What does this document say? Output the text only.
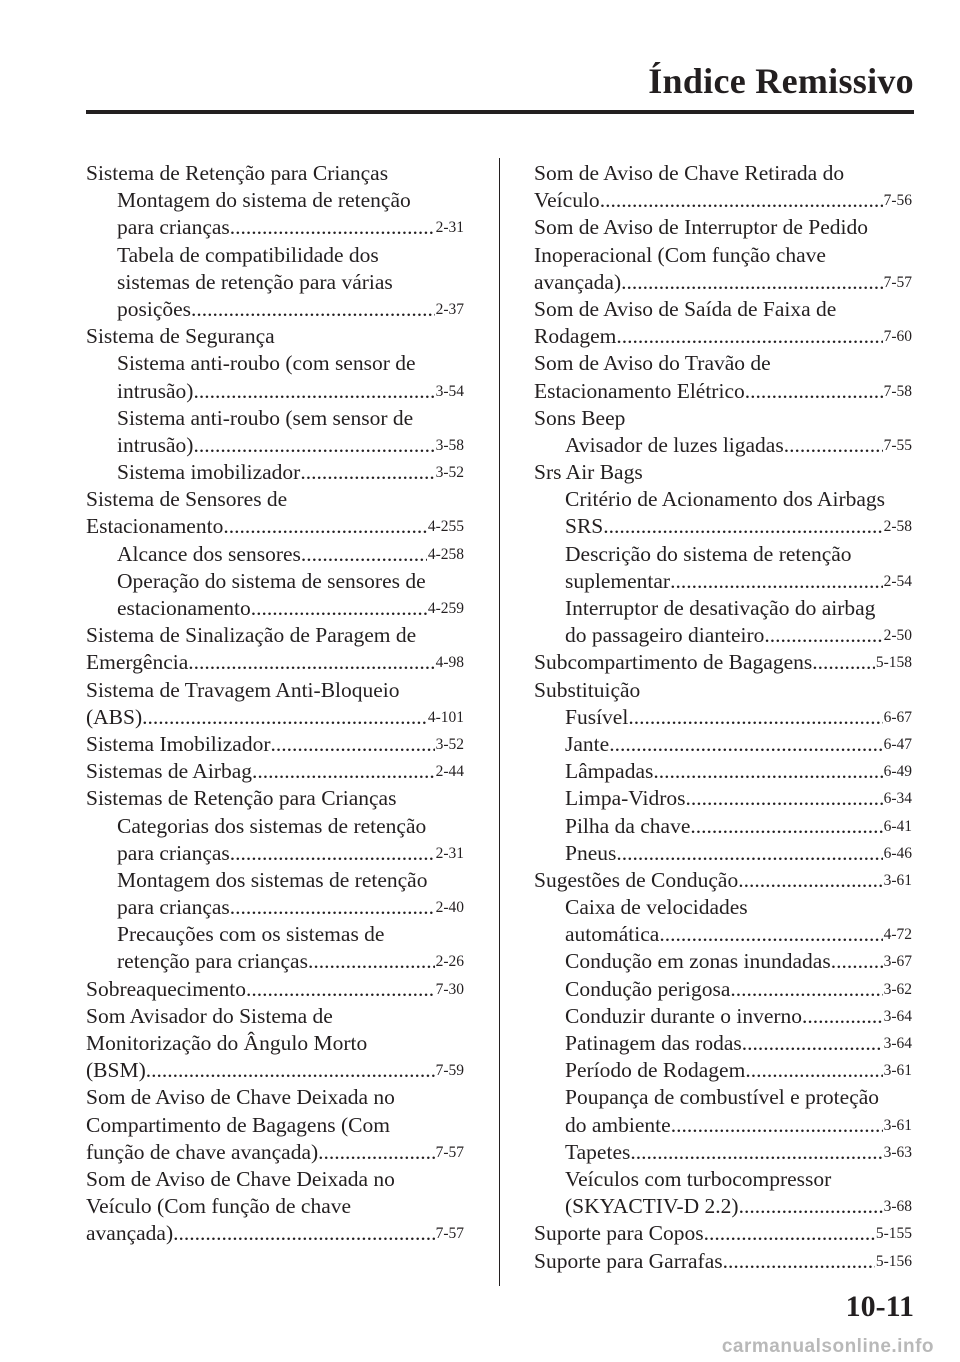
Índice Remissivo
Sistema de Retenção para Crianças
Montagem do sistema de retenção
para crianças .....	2-31
Tabela de compatibilidade dos
sistemas de retenção para várias
posições .....	2-37
Sistema de Segurança
Sistema anti-roubo (com sensor de
intrusão) .....	3-54
Sistema anti-roubo (sem sensor de
intrusão) .....	3-58
Sistema imobilizador .....	3-52
Sistema de Sensores de
Estacionamento .....	4-255
Alcance dos sensores .....	4-258
Operação do sistema de sensores de
estacionamento .....	4-259
Sistema de Sinalização de Paragem de
Emergência .....	4-98
Sistema de Travagem Anti-Bloqueio
(ABS) .....	4-101
Sistema Imobilizador .....	3-52
Sistemas de Airbag .....	2-44
Sistemas de Retenção para Crianças
Categorias dos sistemas de retenção
para crianças .....	2-31
Montagem dos sistemas de retenção
para crianças .....	2-40
Precauções com os sistemas de
retenção para crianças .....	2-26
Sobreaquecimento .....	7-30
Som Avisador do Sistema de
Monitorização do Ângulo Morto
(BSM) .....	7-59
Som de Aviso de Chave Deixada no
Compartimento de Bagagens (Com
função de chave avançada) .....	7-57
Som de Aviso de Chave Deixada no
Veículo (Com função de chave
avançada) .....	7-57
Som de Aviso de Chave Retirada do
Veículo .....	7-56
Som de Aviso de Interruptor de Pedido
Inoperacional (Com função chave
avançada) .....	7-57
Som de Aviso de Saída de Faixa de
Rodagem .....	7-60
Som de Aviso do Travão de
Estacionamento Elétrico .....	7-58
Sons Beep
Avisador de luzes ligadas .....	7-55
Srs Air Bags
Critério de Acionamento dos Airbags
SRS .....	2-58
Descrição do sistema de retenção
suplementar .....	2-54
Interruptor de desativação do airbag
do passageiro dianteiro .....	2-50
Subcompartimento de Bagagens .....	5-158
Substituição
Fusível .....	6-67
Jante .....	6-47
Lâmpadas .....	6-49
Limpa-Vidros .....	6-34
Pilha da chave .....	6-41
Pneus .....	6-46
Sugestões de Condução .....	3-61
Caixa de velocidades
automática .....	4-72
Condução em zonas inundadas .....	3-67
Condução perigosa .....	3-62
Conduzir durante o inverno .....	3-64
Patinagem das rodas .....	3-64
Período de Rodagem .....	3-61
Poupança de combustível e proteção
do ambiente .....	3-61
Tapetes .....	3-63
Veículos com turbocompressor
(SKYACTIV-D 2.2) .....	3-68
Suporte para Copos .....	5-155
Suporte para Garrafas .....	5-156
10-11
carmanualsonline.info
